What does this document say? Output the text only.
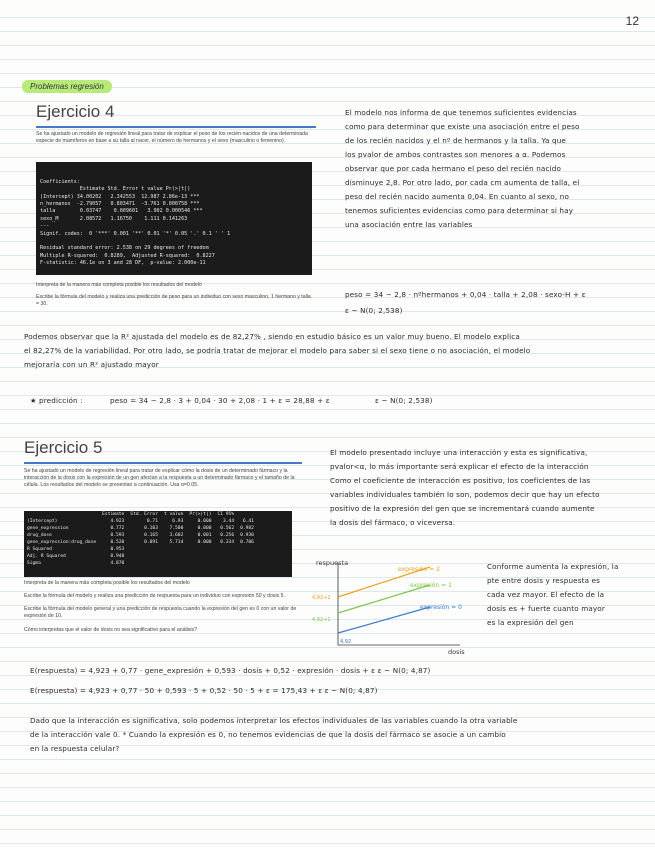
12
Problemas regresión
Ejercicio 4
Se ha ajustado un modelo de regresión lineal para tratar de explicar el peso de los recién nacidos de una determinada especie de mamíferos en base a su talla al nacer, el número de hermanos y el sexo (masculino o femenino).

Coefficients:
Estimate Std. Error t value Pr(>|t|)
(Intercept) 34.00202   2.342553  12.987 2.86e-13 ***
n_hermanos  -2.79057   0.803471  -3.761 0.000758 ***
talla        0.03747    0.009601   3.902 0.000546 ***
sexo_M       2.08572   1.16750    1.111 0.141263
---
Signif. codes:  0 '***' 0.001 '**' 0.01 '*' 0.05 '.' 0.1 ' ' 1

Residual standard error: 2.538 on 29 degrees of freedom
Multiple R-squared:  0.8289,  Adjusted R-squared:  0.8227
F-statistic: 46.1e on 3 and 28 DF,  p-value: 2.000e-11

Interpreta de la manera más completa posible los resultados del modelo
Escribe la fórmula del modelo y realiza una predicción de peso para un individuo con sexo masculino, 1 hermano y talla = 30.

El modelo nos informa de que tenemos suficientes evidencias

como para determinar que existe una asociación entre el peso

de los recién nacidos y el nº de hermanos y la talla. Ya que

los pvalor de ambos contrastes son menores a α. Podemos

observar que por cada hermano el peso del recién nacido

disminuye 2,8. Por otro lado, por cada cm aumenta de talla, el

peso del recién nacido aumenta 0,04. En cuanto al sexo, no

tenemos suficientes evidencias como para determinar si hay

una asociación entre las variables

peso = 34 − 2,8 · nºhermanos + 0,04 · talla + 2,08 · sexo-H + ε
ε ~ N(0; 2,538)

Podemos observar que la R² ajustada del modelo es de 82,27% , siendo en estudio básico es un valor muy bueno. El modelo explica

el 82,27% de la variabilidad. Por otro lado, se podría tratar de mejorar el modelo para saber si el sexo tiene o no asociación, el modelo

mejoraría con un R² ajustado mayor

★ predicción :	peso = 34 − 2,8 · 3 + 0,04 · 30 + 2,08 · 1 + ε = 28,88 + ε	ε ~ N(0; 2,538)
Ejercicio 5
Se ha ajustado un modelo de regresión lineal para tratar de explicar cómo la dosis de un determinado fármaco y la interacción de la dosis con la expresión de un gen afectan a la respuesta a un determinado fármaco y el tamaño de la célula. Los resultados del modelo se presentan a continuación. Usa α=0.05.
	Estimate	Std. Error	t value	Pr(>|t|)	CI 95%	
(Intercept)	4.923	0.71	6.93	0.000	3.44	6.41
gene_expression	0.772	0.103	7.500	0.000	0.562	0.982
drug_dose	0.593	0.165	3.602	0.001	0.256	0.930
gene_expression:drug_dose	0.520	0.091	5.714	0.000	0.334	0.706
R Squared	0.953					
Adj. R Squared	0.948					
Sigma	4.870					
Interpreta de la manera más completa posible los resultados del modelo
Escribe la fórmula del modelo y realiza una predicción de respuesta para un individuo con expresión 50 y dosis 5.
Escribe la fórmula del modelo general y una predicción de respuesta cuando la expresión del gen es 0 con un valor de expresión de 10.
Cómo interpretas que el valor de dosis no sea significativo para el análisis?

El modelo presentado incluye una interacción y esta es significativa,

pvalor<α, lo más importante será explicar el efecto de la interacción

Como el coeficiente de interacción es positivo, los coeficientes de las

variables individuales también lo son, podemos decir que hay un efecto

positivo de la expresión del gen que se incrementará cuando aumente

la dosis del fármaco, o viceversa.

respuesta
dosis
expresión = 2
expresión = 1
expresión = 0
4,92+2
4,92+1
4,92

Conforme aumenta la expresión, la

pte entre dosis y respuesta es

cada vez mayor. El efecto de la

dosis es + fuerte cuanto mayor

es la expresión del gen

E(respuesta) = 4,923 + 0,77 · gene_expresión + 0,593 · dosis + 0,52 · expresión · dosis + ε ε ~ N(0; 4,87)
E(respuesta) = 4,923 + 0,77 · 50 + 0,593 · 5 + 0,52 · 50 · 5 + ε = 175,43 + ε ε ~ N(0; 4,87)

Dado que la interacción es significativa, solo podemos interpretar los efectos individuales de las variables cuando la otra variable

de la interacción vale 0. * Cuando la expresión es 0, no tenemos evidencias de que la dosis del fármaco se asocie a un cambio

en la respuesta celular?
